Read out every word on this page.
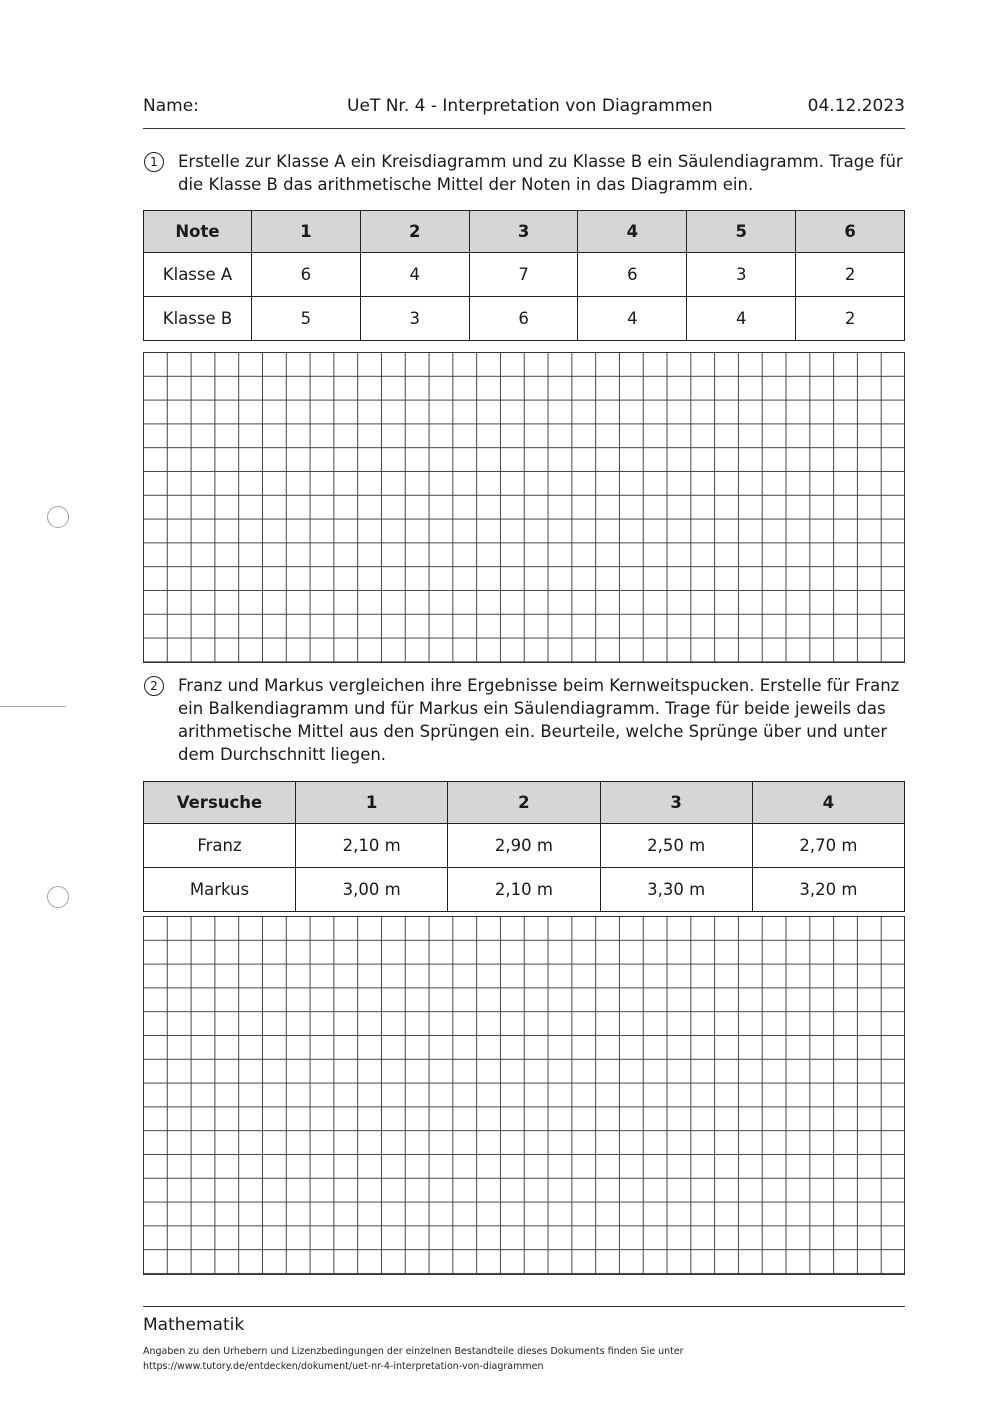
Name:	UeT Nr. 4 - Interpretation von Diagrammen	04.12.2023
1	Erstelle zur Klasse A ein Kreisdiagramm und zu Klasse B ein Säulendiagramm. Trage für
die Klasse B das arithmetische Mittel der Noten in das Diagramm ein.
Note	1	2	3	4	5	6
Klasse A	6	4	7	6	3	2
Klasse B	5	3	6	4	4	2
2	Franz und Markus vergleichen ihre Ergebnisse beim Kernweitspucken. Erstelle für Franz
ein Balkendiagramm und für Markus ein Säulendiagramm. Trage für beide jeweils das
arithmetische Mittel aus den Sprüngen ein. Beurteile, welche Sprünge über und unter
dem Durchschnitt liegen.
Versuche	1	2	3	4
Franz	2,10 m	2,90 m	2,50 m	2,70 m
Markus	3,00 m	2,10 m	3,30 m	3,20 m
Mathematik
Angaben zu den Urhebern und Lizenzbedingungen der einzelnen Bestandteile dieses Dokuments finden Sie unter
https://www.tutory.de/entdecken/dokument/uet-nr-4-interpretation-von-diagrammen
